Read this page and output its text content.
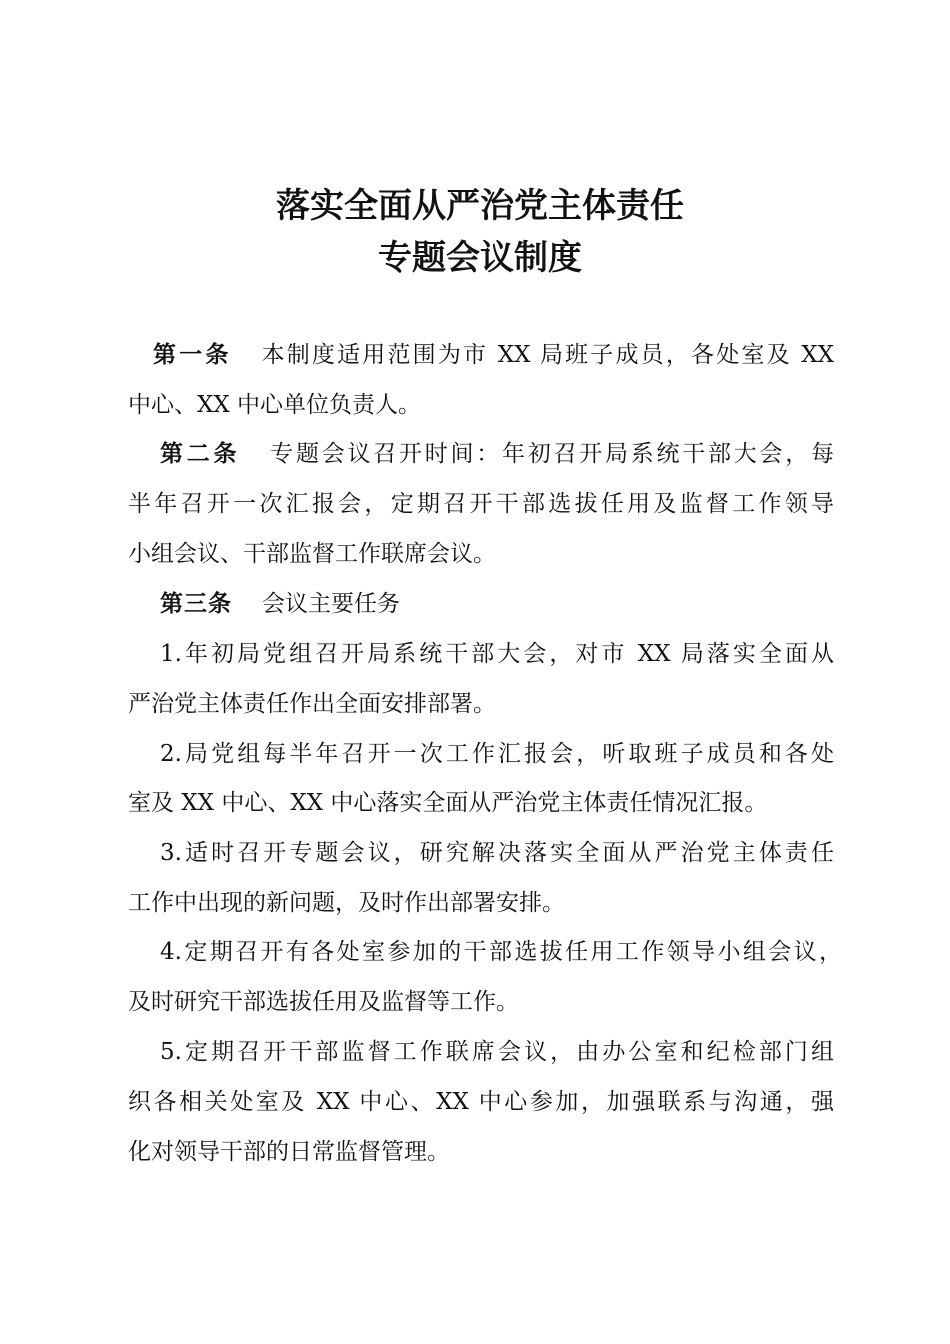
落实全面从严治党主体责任
专题会议制度
第一条 本制度适用范围为市 XX 局班子成员，各处室及 XX
中心、XX 中心单位负责人。
第二条 专题会议召开时间：年初召开局系统干部大会，每
半年召开一次汇报会，定期召开干部选拔任用及监督工作领导
小组会议、干部监督工作联席会议。
第三条 会议主要任务
1.年初局党组召开局系统干部大会，对市 XX 局落实全面从
严治党主体责任作出全面安排部署。
2.局党组每半年召开一次工作汇报会，听取班子成员和各处
室及 XX 中心、XX 中心落实全面从严治党主体责任情况汇报。
3.适时召开专题会议，研究解决落实全面从严治党主体责任
工作中出现的新问题，及时作出部署安排。
4.定期召开有各处室参加的干部选拔任用工作领导小组会议，
及时研究干部选拔任用及监督等工作。
5.定期召开干部监督工作联席会议，由办公室和纪检部门组
织各相关处室及 XX 中心、XX 中心参加，加强联系与沟通，强
化对领导干部的日常监督管理。
